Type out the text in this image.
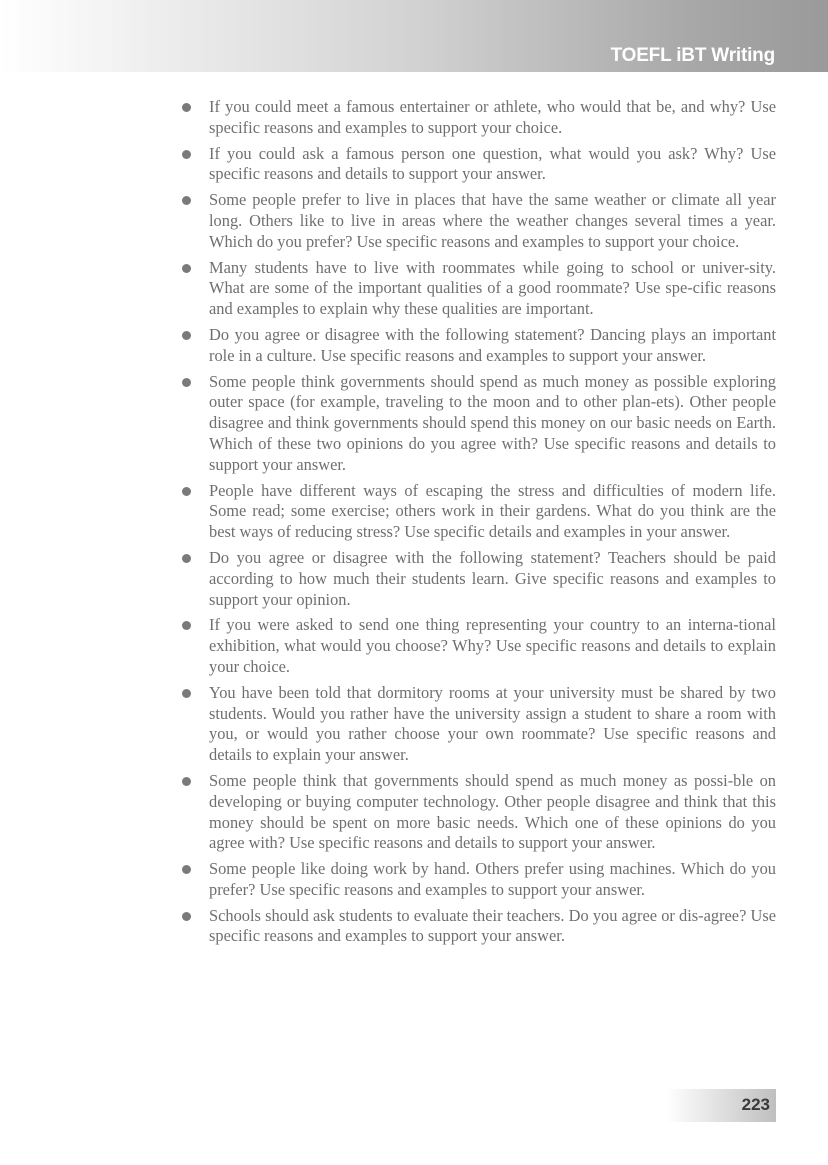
TOEFL iBT Writing
If you could meet a famous entertainer or athlete, who would that be, and why? Use specific reasons and examples to support your choice.
If you could ask a famous person one question, what would you ask? Why? Use specific reasons and details to support your answer.
Some people prefer to live in places that have the same weather or climate all year long. Others like to live in areas where the weather changes several times a year. Which do you prefer? Use specific reasons and examples to support your choice.
Many students have to live with roommates while going to school or univer-sity. What are some of the important qualities of a good roommate? Use spe-cific reasons and examples to explain why these qualities are important.
Do you agree or disagree with the following statement? Dancing plays an important role in a culture. Use specific reasons and examples to support your answer.
Some people think governments should spend as much money as possible exploring outer space (for example, traveling to the moon and to other plan-ets). Other people disagree and think governments should spend this money on our basic needs on Earth. Which of these two opinions do you agree with? Use specific reasons and details to support your answer.
People have different ways of escaping the stress and difficulties of modern life. Some read; some exercise; others work in their gardens. What do you think are the best ways of reducing stress? Use specific details and examples in your answer.
Do you agree or disagree with the following statement? Teachers should be paid according to how much their students learn. Give specific reasons and examples to support your opinion.
If you were asked to send one thing representing your country to an interna-tional exhibition, what would you choose? Why? Use specific reasons and details to explain your choice.
You have been told that dormitory rooms at your university must be shared by two students. Would you rather have the university assign a student to share a room with you, or would you rather choose your own roommate? Use specific reasons and details to explain your answer.
Some people think that governments should spend as much money as possi-ble on developing or buying computer technology. Other people disagree and think that this money should be spent on more basic needs. Which one of these opinions do you agree with? Use specific reasons and details to support your answer.
Some people like doing work by hand. Others prefer using machines. Which do you prefer? Use specific reasons and examples to support your answer.
Schools should ask students to evaluate their teachers. Do you agree or dis-agree? Use specific reasons and examples to support your answer.
223
